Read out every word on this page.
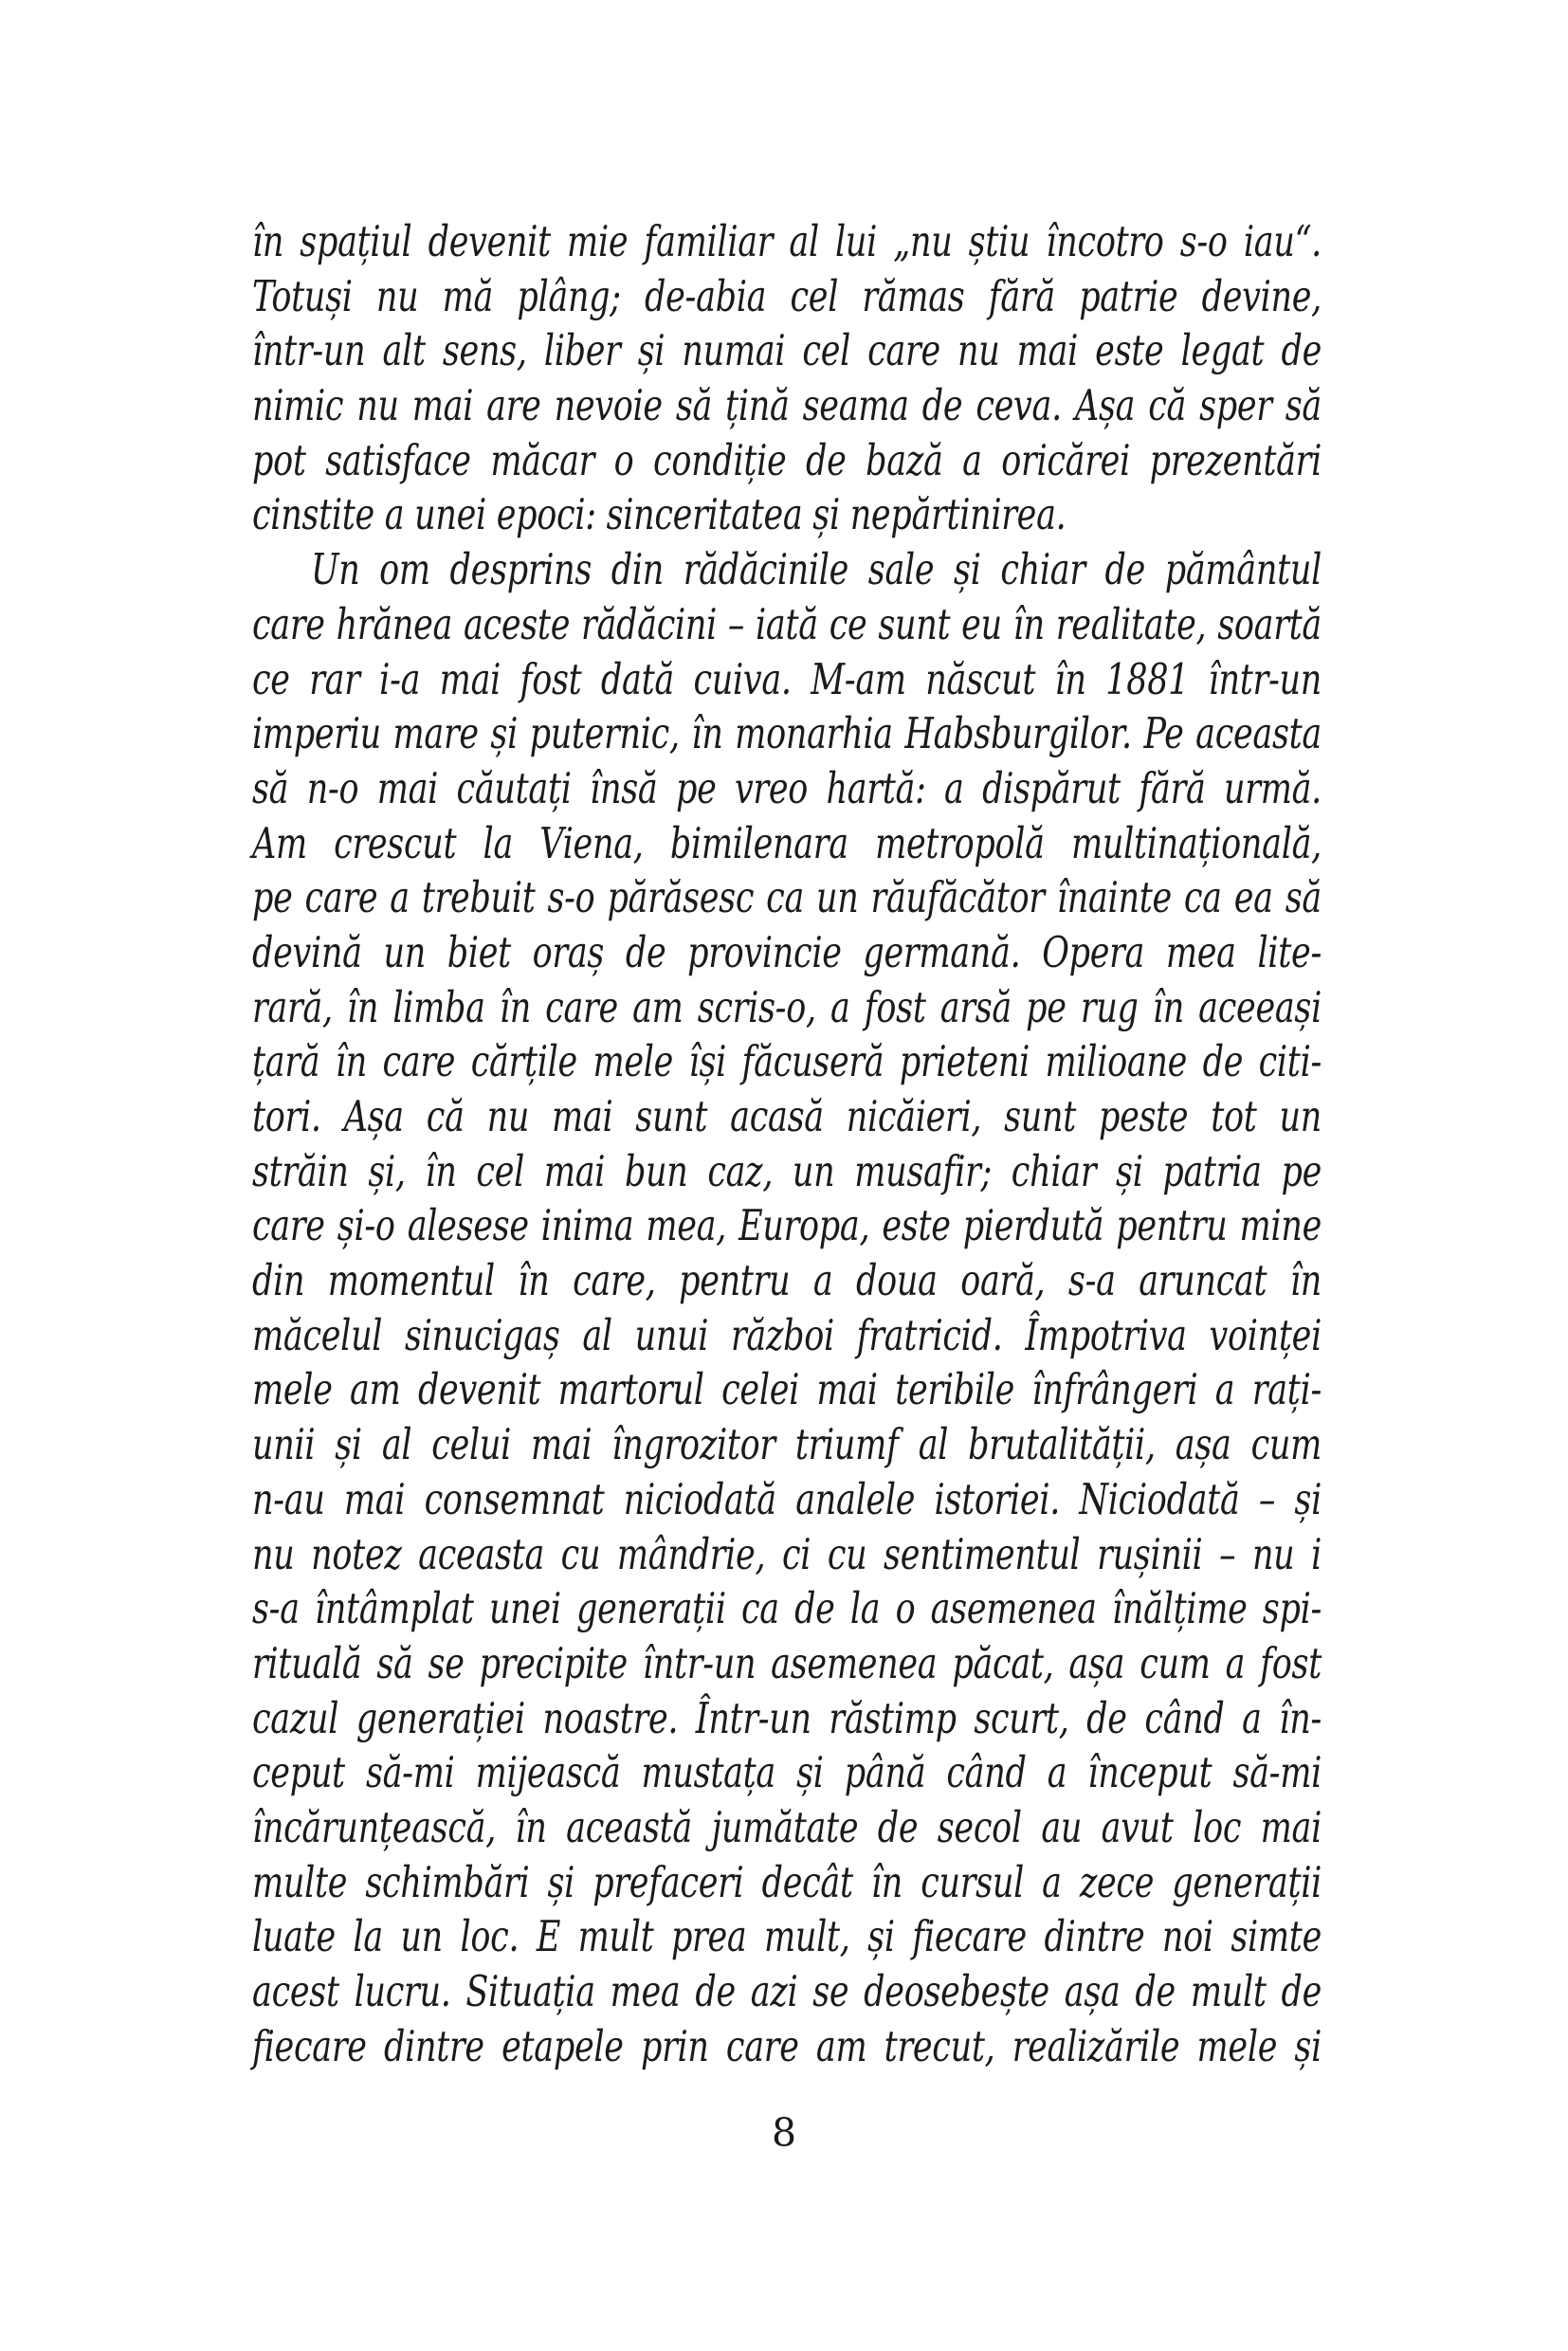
în spațiul devenit mie familiar al lui „nu știu încotro s-o iau“.

Totuși nu mă plâng; de-abia cel rămas fără patrie devine,

într-un alt sens, liber și numai cel care nu mai este legat de

nimic nu mai are nevoie să țină seama de ceva. Așa că sper să

pot satisface măcar o condiție de bază a oricărei prezentări

cinstite a unei epoci: sinceritatea și nepărtinirea.

Un om desprins din rădăcinile sale și chiar de pământul

care hrănea aceste rădăcini – iată ce sunt eu în realitate, soartă

ce rar i-a mai fost dată cuiva. M-am născut în 1881 într-un

imperiu mare și puternic, în monarhia Habsburgilor. Pe aceasta

să n-o mai căutați însă pe vreo hartă: a dispărut fără urmă.

Am crescut la Viena, bimilenara metropolă multinațională,

pe care a trebuit s-o părăsesc ca un răufăcător înainte ca ea să

devină un biet oraș de provincie germană. Opera mea lite-

rară, în limba în care am scris-o, a fost arsă pe rug în aceeași

țară în care cărțile mele își făcuseră prieteni milioane de citi-

tori. Așa că nu mai sunt acasă nicăieri, sunt peste tot un

străin și, în cel mai bun caz, un musafir; chiar și patria pe

care și-o alesese inima mea, Europa, este pierdută pentru mine

din momentul în care, pentru a doua oară, s-a aruncat în

măcelul sinucigaș al unui război fratricid. Împotriva voinței

mele am devenit martorul celei mai teribile înfrângeri a rați-

unii și al celui mai îngrozitor triumf al brutalității, așa cum

n-au mai consemnat niciodată analele istoriei. Niciodată – și

nu notez aceasta cu mândrie, ci cu sentimentul rușinii – nu i

s-a întâmplat unei generații ca de la o asemenea înălțime spi-

rituală să se precipite într-un asemenea păcat, așa cum a fost

cazul generației noastre. Într-un răstimp scurt, de când a în-

ceput să-mi mijească mustața și până când a început să-mi

încărunțească, în această jumătate de secol au avut loc mai

multe schimbări și prefaceri decât în cursul a zece generații

luate la un loc. E mult prea mult, și fiecare dintre noi simte

acest lucru. Situația mea de azi se deosebește așa de mult de

fiecare dintre etapele prin care am trecut, realizările mele și

8
